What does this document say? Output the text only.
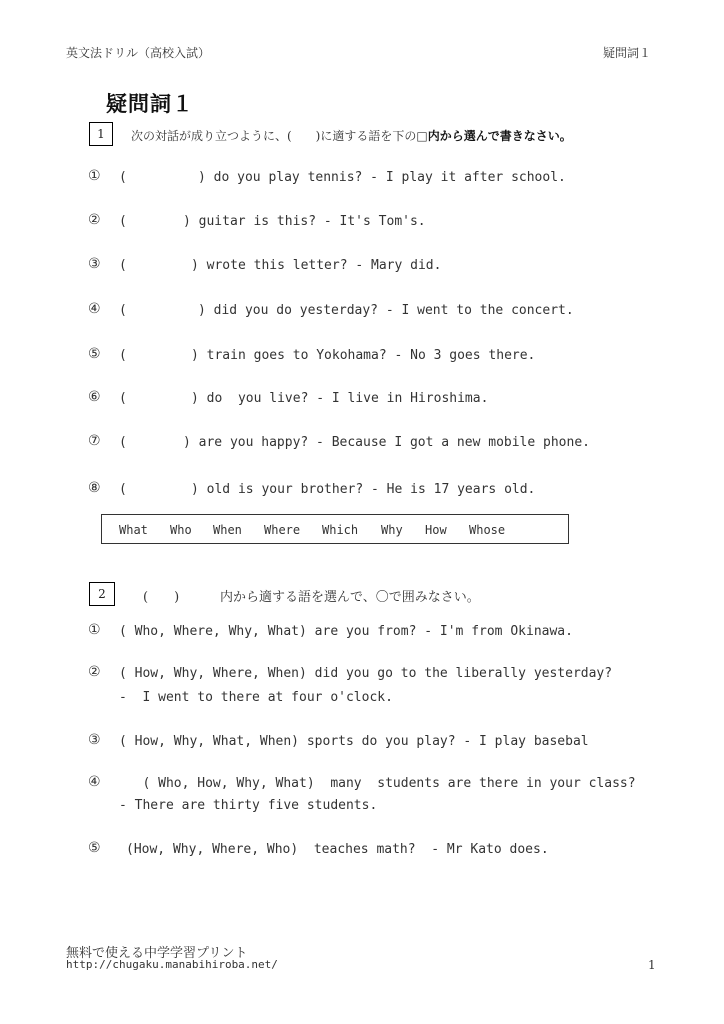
英文法ドリル（高校入試）	疑問詞１
疑問詞１
1	次の対話が成り立つように、(　　)に適する語を下の□内から選んで書きなさい。
① (	) do you play tennis? - I play it after school.
② (	) guitar is this? - It's Tom's.
③ (	) wrote this letter? - Mary did.
④ (	) did you do yesterday? - I went to the concert.
⑤ (	) train goes to Yokohama? - No 3 goes there.
⑥ (	) do  you live? - I live in Hiroshima.
⑦ (	) are you happy? - Because I got a new mobile phone.
⑧ (	) old is your brother? - He is 17 years old.
What Who When Where Which Why How Whose
2	(　　)	内から適する語を選んで、〇で囲みなさい。
① ( Who, Where, Why, What) are you from? - I'm from Okinawa.
② ( How, Why, Where, When) did you go to the liberally yesterday?
-  I went to there at four o'clock.
③ ( How, Why, What, When) sports do you play? - I play basebal
④ ( Who, How, Why, What)  many  students are there in your class?
- There are thirty five students.
⑤ (How, Why, Where, Who)  teaches math?  - Mr Kato does.
無料で使える中学学習プリント
http://chugaku.manabihiroba.net/	1
